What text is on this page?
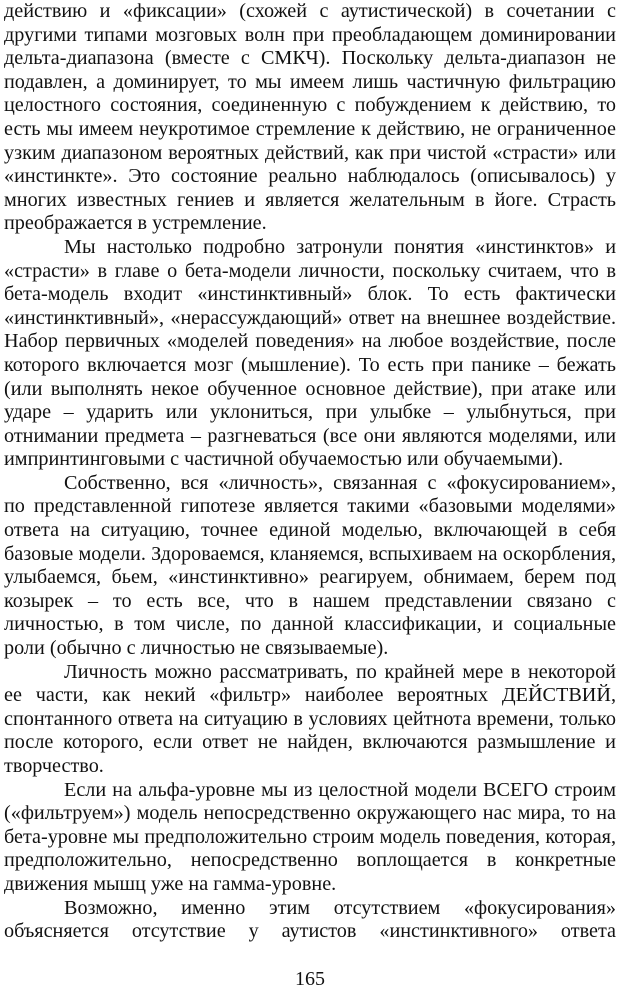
действию и «фиксации» (схожей с аутистической) в сочетании с другими типами мозговых волн при преобладающем доминировании дельта-диапазона (вместе с СМКЧ). Поскольку дельта-диапазон не подавлен, а доминирует, то мы имеем лишь частичную фильтрацию целостного состояния, соединенную с побуждением к действию, то есть мы имеем неукротимое стремление к действию, не ограниченное узким диапазоном вероятных действий, как при чистой «страсти» или «инстинкте». Это состояние реально наблюдалось (описывалось) у многих известных гениев и является желательным в йоге. Страсть преображается в устремление.

Мы настолько подробно затронули понятия «инстинктов» и «страсти» в главе о бета-модели личности, поскольку считаем, что в бета-модель входит «инстинктивный» блок. То есть фактически «инстинктивный», «нерассуждающий» ответ на внешнее воздействие. Набор первичных «моделей поведения» на любое воздействие, после которого включается мозг (мышление). То есть при панике – бежать (или выполнять некое обученное основное действие), при атаке или ударе – ударить или уклониться, при улыбке – улыбнуться, при отнимании предмета – разгневаться (все они являются моделями, или импринтинговыми с частичной обучаемостью или обучаемыми).

Собственно, вся «личность», связанная с «фокусированием», по представленной гипотезе является такими «базовыми моделями» ответа на ситуацию, точнее единой моделью, включающей в себя базовые модели. Здороваемся, кланяемся, вспыхиваем на оскорбления, улыбаемся, бьем, «инстинктивно» реагируем, обнимаем, берем под козырек – то есть все, что в нашем представлении связано с личностью, в том числе, по данной классификации, и социальные роли (обычно с личностью не связываемые).

Личность можно рассматривать, по крайней мере в некоторой ее части, как некий «фильтр» наиболее вероятных ДЕЙСТВИЙ, спонтанного ответа на ситуацию в условиях цейтнота времени, только после которого, если ответ не найден, включаются размышление и творчество.

Если на альфа-уровне мы из целостной модели ВСЕГО строим («фильтруем») модель непосредственно окружающего нас мира, то на бета-уровне мы предположительно строим модель поведения, которая, предположительно, непосредственно воплощается в конкретные движения мышц уже на гамма-уровне.

Возможно, именно этим отсутствием «фокусирования» объясняется отсутствие у аутистов «инстинктивного» ответа

165
